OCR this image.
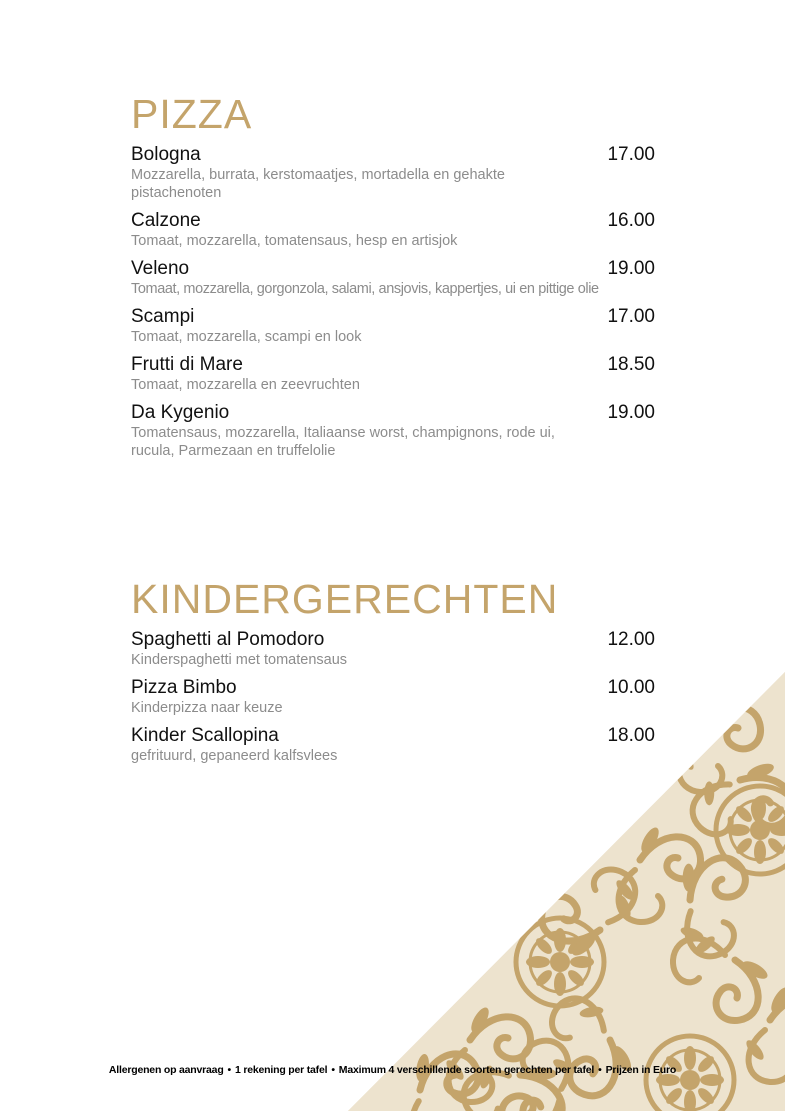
PIZZA
Bologna	17.00
Mozzarella, burrata, kerstomaatjes, mortadella en gehakte pistachenoten
Calzone	16.00
Tomaat, mozzarella, tomatensaus, hesp en artisjok
Veleno	19.00
Tomaat, mozzarella, gorgonzola, salami, ansjovis, kappertjes, ui en pittige olie
Scampi	17.00
Tomaat, mozzarella, scampi en look
Frutti di Mare	18.50
Tomaat, mozzarella en zeevruchten
Da Kygenio	19.00
Tomatensaus, mozzarella, Italiaanse worst, champignons, rode ui, rucula, Parmezaan en truffelolie
KINDERGERECHTEN
Spaghetti al Pomodoro	12.00
Kinderspaghetti met tomatensaus
Pizza Bimbo	10.00
Kinderpizza naar keuze
Kinder Scallopina	18.00
gefrituurd, gepaneerd kalfsvlees
Allergenen op aanvraag • 1 rekening per tafel • Maximum 4 verschillende soorten gerechten per tafel • Prijzen in Euro
